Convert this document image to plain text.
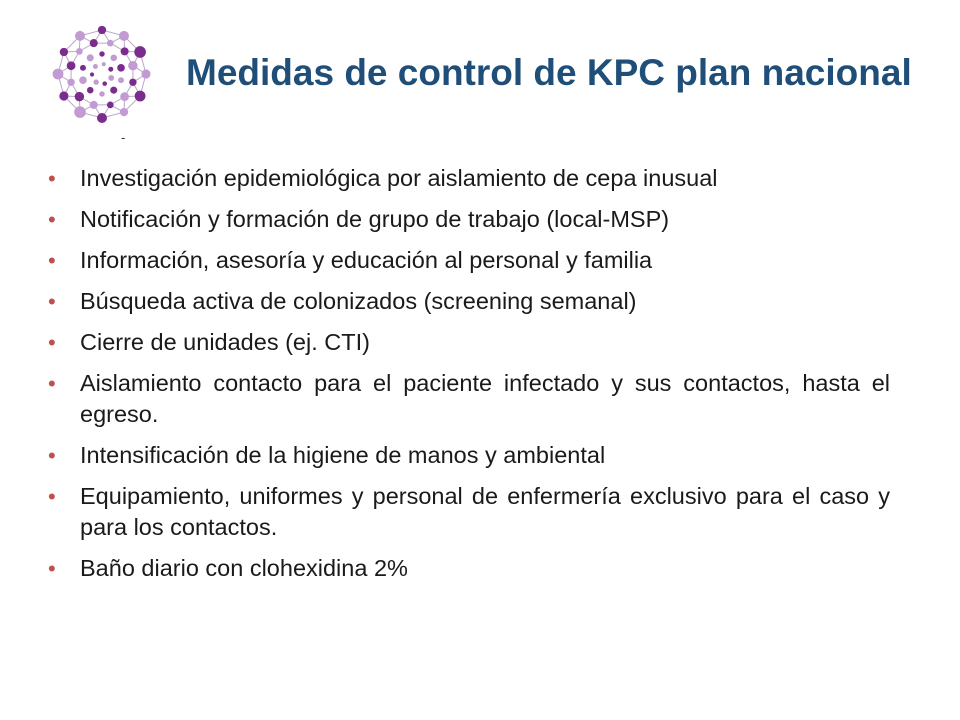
-
Medidas de control de KPC plan nacional
• Investigación epidemiológica por aislamiento de cepa inusual
• Notificación y formación de grupo de trabajo (local-MSP)
• Información, asesoría y educación al personal y familia
• Búsqueda activa de colonizados (screening semanal)
• Cierre de unidades (ej. CTI)
• Aislamiento contacto para el paciente infectado y sus contactos, hasta el egreso.
• Intensificación de la higiene de manos y ambiental
• Equipamiento, uniformes y personal de enfermería exclusivo para el caso y para los contactos.
• Baño diario con clohexidina 2%
